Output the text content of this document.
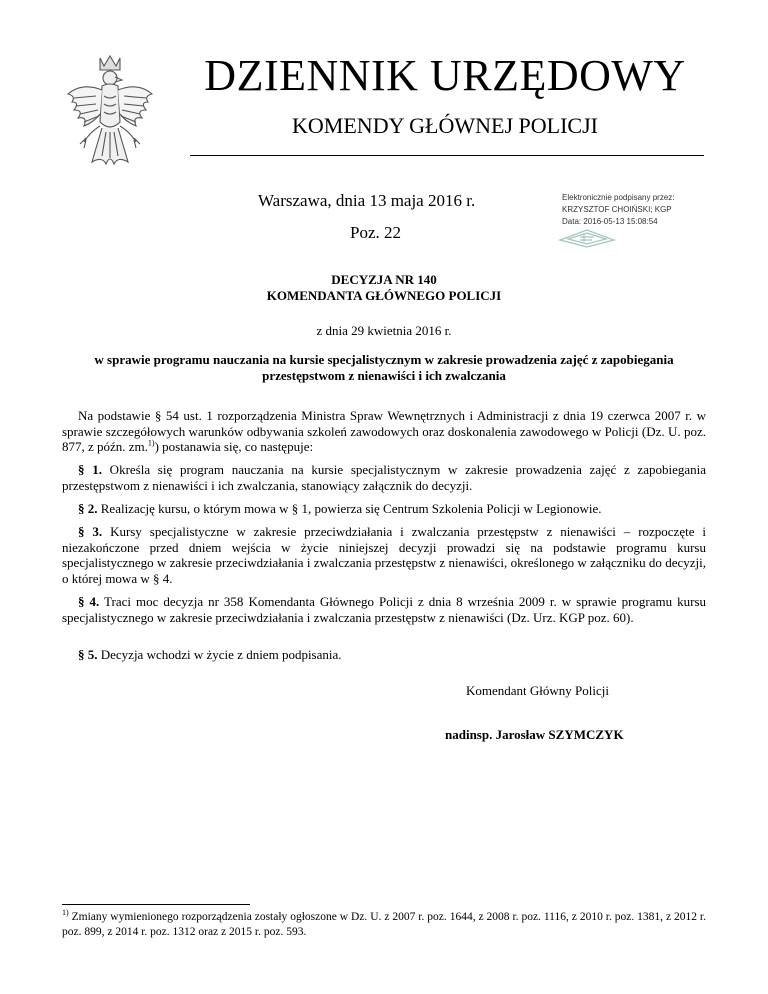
DZIENNIK URZĘDOWY
KOMENDY GŁÓWNEJ POLICJI
Warszawa, dnia 13 maja 2016 r.
Poz. 22
Elektronicznie podpisany przez:
KRZYSZTOF CHOIŃSKI; KGP
Data: 2016-05-13 15:08:54
DECYZJA NR 140
KOMENDANTA GŁÓWNEGO POLICJI
z dnia 29 kwietnia 2016 r.
w sprawie programu nauczania na kursie specjalistycznym w zakresie prowadzenia zajęć z zapobiegania przestępstwom z nienawiści i ich zwalczania
Na podstawie § 54 ust. 1 rozporządzenia Ministra Spraw Wewnętrznych i Administracji z dnia 19 czerwca 2007 r. w sprawie szczegółowych warunków odbywania szkoleń zawodowych oraz doskonalenia zawodowego w Policji (Dz. U. poz. 877, z późn. zm.$^{1)}$) postanawia się, co następuje:
§ 1. Określa się program nauczania na kursie specjalistycznym w zakresie prowadzenia zajęć z zapobiegania przestępstwom z nienawiści i ich zwalczania, stanowiący załącznik do decyzji.
§ 2. Realizację kursu, o którym mowa w § 1, powierza się Centrum Szkolenia Policji w Legionowie.
§ 3. Kursy specjalistyczne w zakresie przeciwdziałania i zwalczania przestępstw z nienawiści – rozpoczęte i niezakończone przed dniem wejścia w życie niniejszej decyzji prowadzi się na podstawie programu kursu specjalistycznego w zakresie przeciwdziałania i zwalczania przestępstw z nienawiści, określonego w załączniku do decyzji, o której mowa w § 4.
§ 4. Traci moc decyzja nr 358 Komendanta Głównego Policji z dnia 8 września 2009 r. w sprawie programu kursu specjalistycznego w zakresie przeciwdziałania i zwalczania przestępstw z nienawiści (Dz. Urz. KGP poz. 60).
§ 5. Decyzja wchodzi w życie z dniem podpisania.
Komendant Główny Policji
nadinsp. Jarosław SZYMCZYK
$^{1)}$ Zmiany wymienionego rozporządzenia zostały ogłoszone w Dz. U. z 2007 r. poz. 1644, z 2008 r. poz. 1116, z 2010 r. poz. 1381, z 2012 r. poz. 899, z 2014 r. poz. 1312 oraz z 2015 r. poz. 593.
